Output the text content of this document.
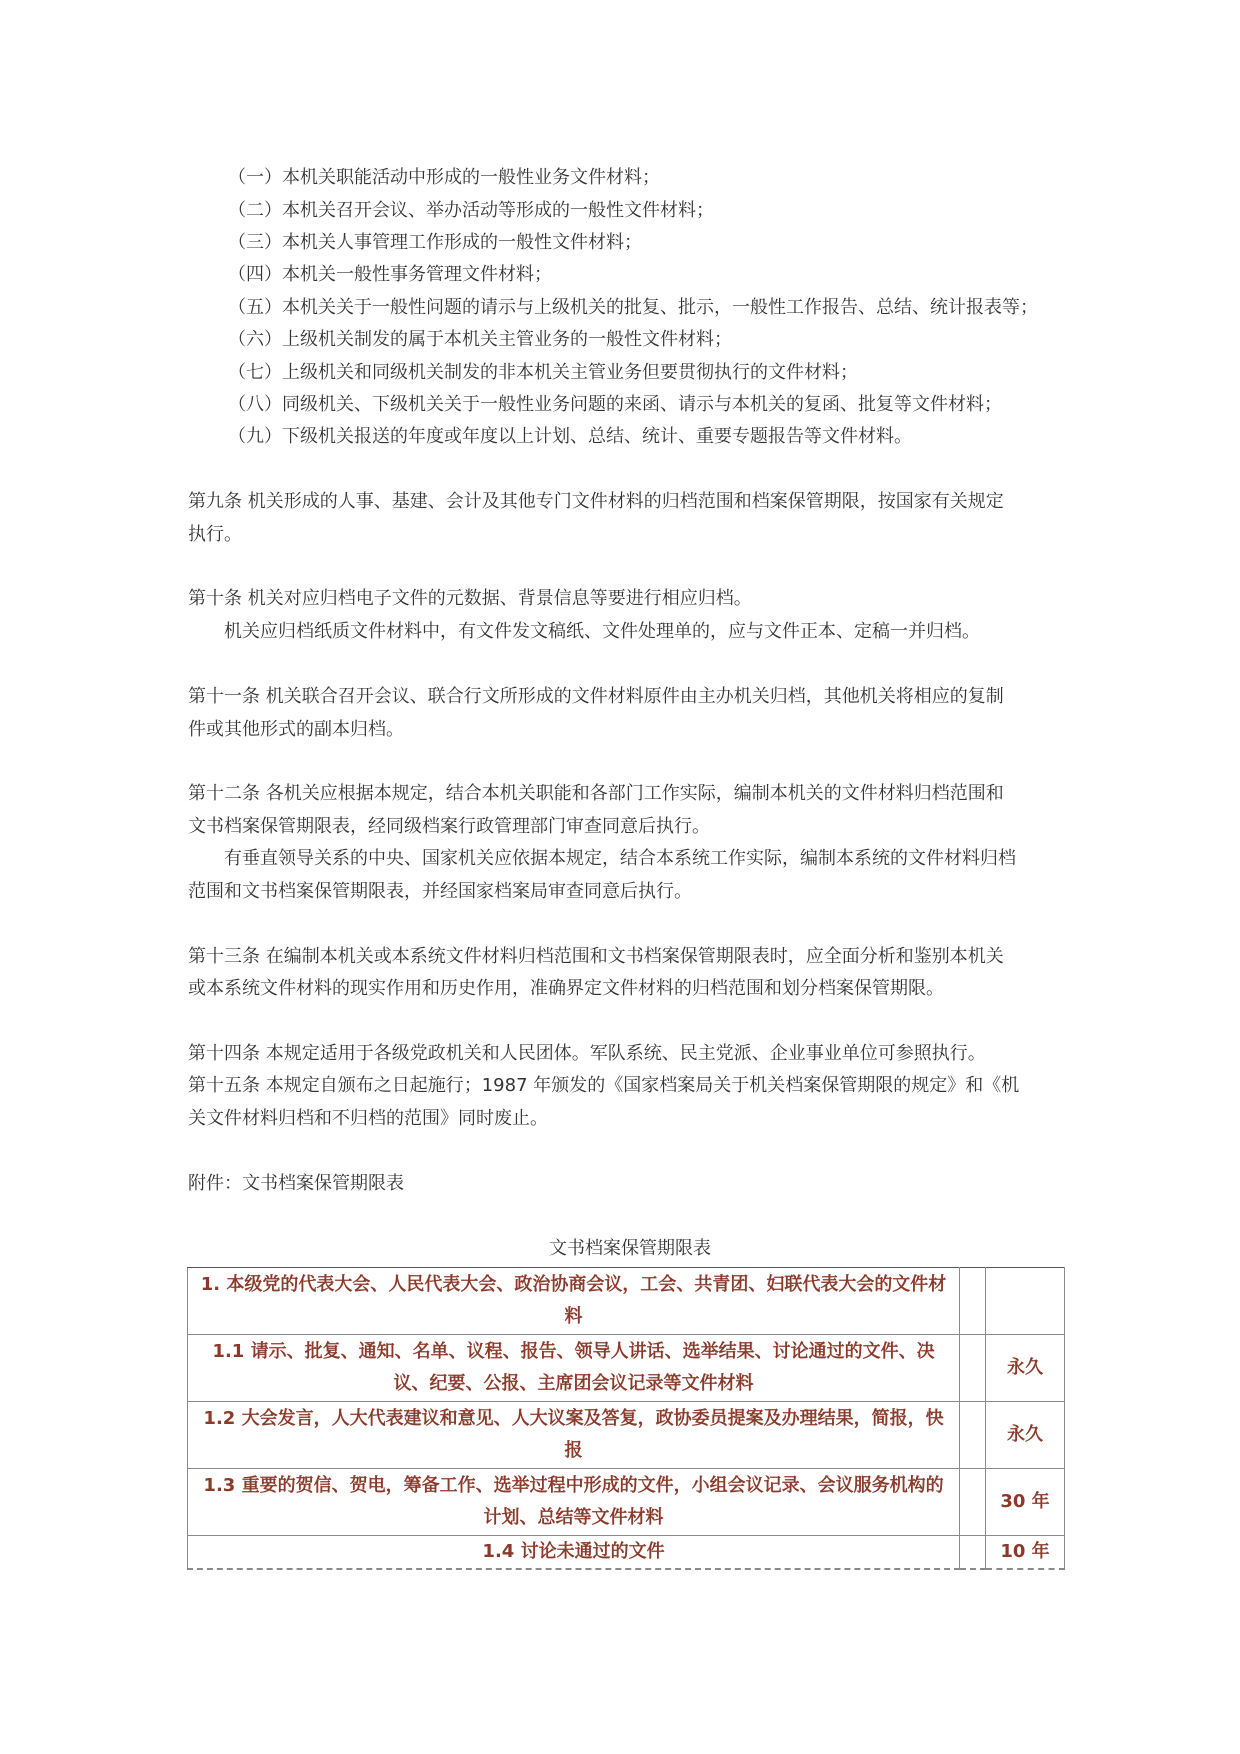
（一）本机关职能活动中形成的一般性业务文件材料；
（二）本机关召开会议、举办活动等形成的一般性文件材料；
（三）本机关人事管理工作形成的一般性文件材料；
（四）本机关一般性事务管理文件材料；
（五）本机关关于一般性问题的请示与上级机关的批复、批示，一般性工作报告、总结、统计报表等；
（六）上级机关制发的属于本机关主管业务的一般性文件材料；
（七）上级机关和同级机关制发的非本机关主管业务但要贯彻执行的文件材料；
（八）同级机关、下级机关关于一般性业务问题的来函、请示与本机关的复函、批复等文件材料；
（九）下级机关报送的年度或年度以上计划、总结、统计、重要专题报告等文件材料。
第九条 机关形成的人事、基建、会计及其他专门文件材料的归档范围和档案保管期限，按国家有关规定
执行。
第十条 机关对应归档电子文件的元数据、背景信息等要进行相应归档。
机关应归档纸质文件材料中，有文件发文稿纸、文件处理单的，应与文件正本、定稿一并归档。
第十一条 机关联合召开会议、联合行文所形成的文件材料原件由主办机关归档，其他机关将相应的复制
件或其他形式的副本归档。
第十二条 各机关应根据本规定，结合本机关职能和各部门工作实际，编制本机关的文件材料归档范围和
文书档案保管期限表，经同级档案行政管理部门审查同意后执行。
有垂直领导关系的中央、国家机关应依据本规定，结合本系统工作实际，编制本系统的文件材料归档
范围和文书档案保管期限表，并经国家档案局审查同意后执行。
第十三条 在编制本机关或本系统文件材料归档范围和文书档案保管期限表时，应全面分析和鉴别本机关
或本系统文件材料的现实作用和历史作用，准确界定文件材料的归档范围和划分档案保管期限。
第十四条 本规定适用于各级党政机关和人民团体。军队系统、民主党派、企业事业单位可参照执行。
第十五条 本规定自颁布之日起施行；1987 年颁发的《国家档案局关于机关档案保管期限的规定》和《机
关文件材料归档和不归档的范围》同时废止。
附件：文书档案保管期限表
文书档案保管期限表
1. 本级党的代表大会、人民代表大会、政治协商会议，工会、共青团、妇联代表大会的文件材
料		

1.1 请示、批复、通知、名单、议程、报告、领导人讲话、选举结果、讨论通过的文件、决
议、纪要、公报、主席团会议记录等文件材料		永久

1.2 大会发言，人大代表建议和意见、人大议案及答复，政协委员提案及办理结果，简报，快
报		永久

1.3 重要的贺信、贺电，筹备工作、选举过程中形成的文件，小组会议记录、会议服务机构的
计划、总结等文件材料		30 年

1.4 讨论未通过的文件		10 年
